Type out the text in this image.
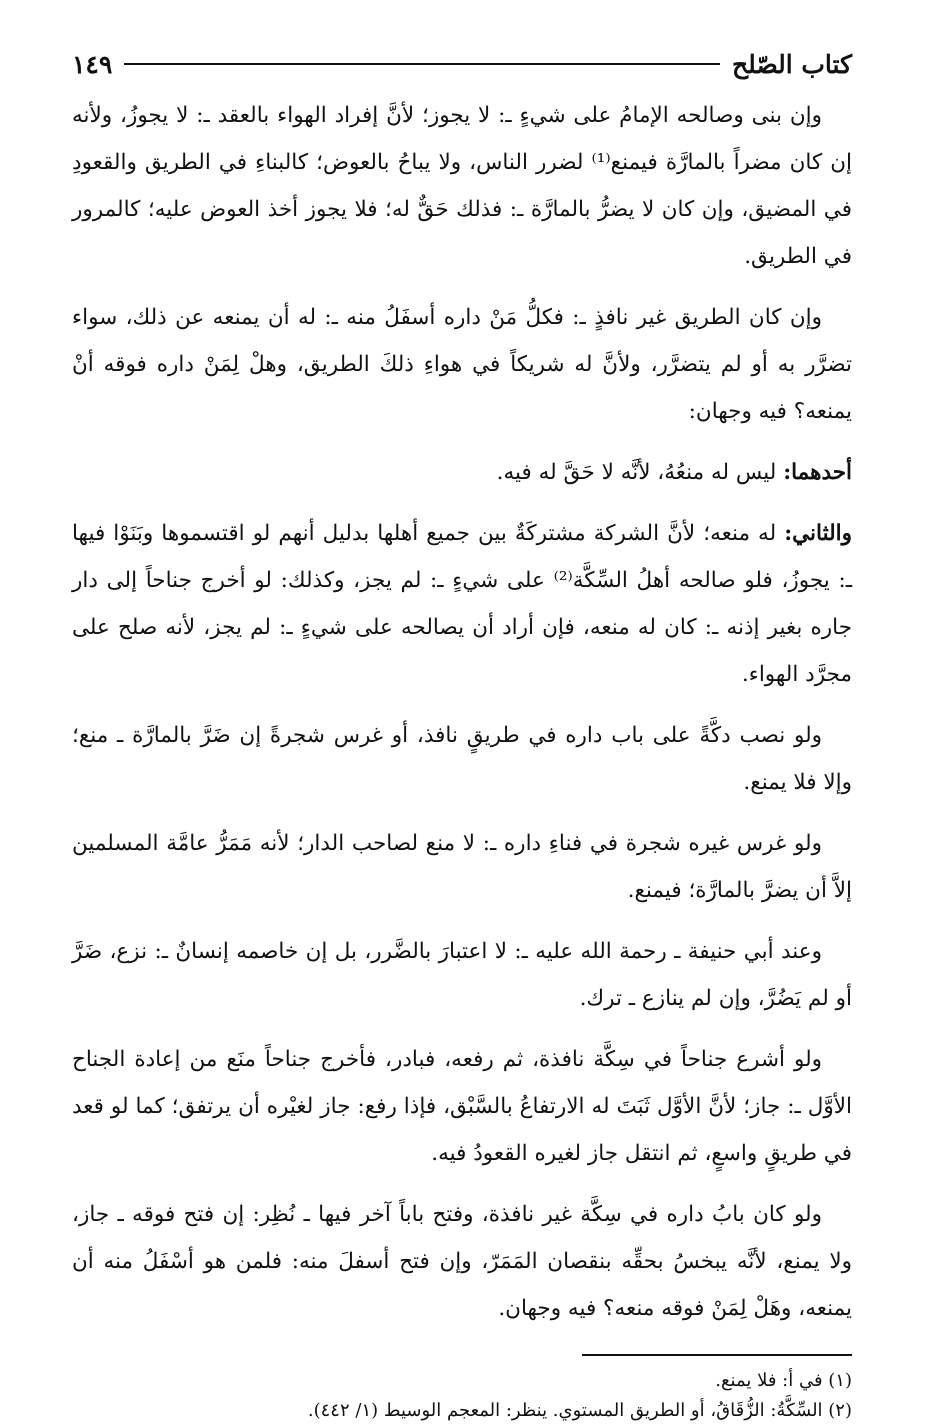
كتاب الصّلح
١٤٩

وإن بنى وصالحه الإمامُ على شيءٍ ـ: لا يجوز؛ لأنَّ إفراد الهواء بالعقد ـ: لا يجوزُ، ولأنه إن كان مضراً بالمارَّة فيمنع⁽¹⁾ لضرر الناس، ولا يباحُ بالعوض؛ كالبناءِ في الطريق والقعودِ في المضيق، وإن كان لا يضرُّ بالمارَّة ـ: فذلك حَقٌّ له؛ فلا يجوز أخذ العوض عليه؛ كالمرور في الطريق.

وإن كان الطريق غير نافذٍ ـ: فكلُّ مَنْ داره أسفَلُ منه ـ: له أن يمنعه عن ذلك، سواء تضرَّر به أو لم يتضرَّر، ولأنَّ له شريكاً في هواءِ ذلكَ الطريق، وهلْ لِمَنْ داره فوقه أنْ يمنعه؟ فيه وجهان:

أحدهما: ليس له منعُهُ، لأنَّه لا حَقَّ له فيه.

والثاني: له منعه؛ لأنَّ الشركة مشتركَةٌ بين جميع أهلها بدليل أنهم لو اقتسموها وبَنَوْا فيها ـ: يجوزُ، فلو صالحه أهلُ السِّكَّة⁽²⁾ على شيءٍ ـ: لم يجز، وكذلك: لو أخرج جناحاً إلى دار جاره بغير إذنه ـ: كان له منعه، فإن أراد أن يصالحه على شيءٍ ـ: لم يجز، لأنه صلح على مجرَّد الهواء.

ولو نصب دكَّةً على باب داره في طريقٍ نافذ، أو غرس شجرةً إن ضَرَّ بالمارَّة ـ منع؛ وإلا فلا يمنع.

ولو غرس غيره شجرة في فناءِ داره ـ: لا منع لصاحب الدار؛ لأنه مَمَرُّ عامَّة المسلمين إلاَّ أن يضرَّ بالمارَّة؛ فيمنع.

وعند أبي حنيفة ـ رحمة الله عليه ـ: لا اعتبارَ بالضَّرر، بل إن خاصمه إنسانٌ ـ: نزع، ضَرَّ أو لم يَضُرَّ، وإن لم ينازع ـ ترك.

ولو أشرع جناحاً في سِكَّة نافذة، ثم رفعه، فبادر، فأخرج جناحاً منَع من إعادة الجناح الأوَّل ـ: جاز؛ لأنَّ الأوَّل ثَبَتَ له الارتفاعُ بالسَّبْق، فإذا رفع: جاز لغيْره أن يرتفق؛ كما لو قعد في طريقٍ واسعٍ، ثم انتقل جاز لغيره القعودُ فيه.

ولو كان بابُ داره في سِكَّة غير نافذة، وفتح باباً آخر فيها ـ نُظِر: إن فتح فوقه ـ جاز، ولا يمنع، لأنَّه يبخسُ بحقِّه بنقصان المَمَرّ، وإن فتح أسفلَ منه: فلمن هو أسْفَلُ منه أن يمنعه، وهَلْ لِمَنْ فوقه منعه؟ فيه وجهان.

(١) في أ: فلا يمنع.

(٢) السِّكَّةُ: الزُّقَاقُ، أو الطريق المستوي. ينظر: المعجم الوسيط (١/ ٤٤٢).
